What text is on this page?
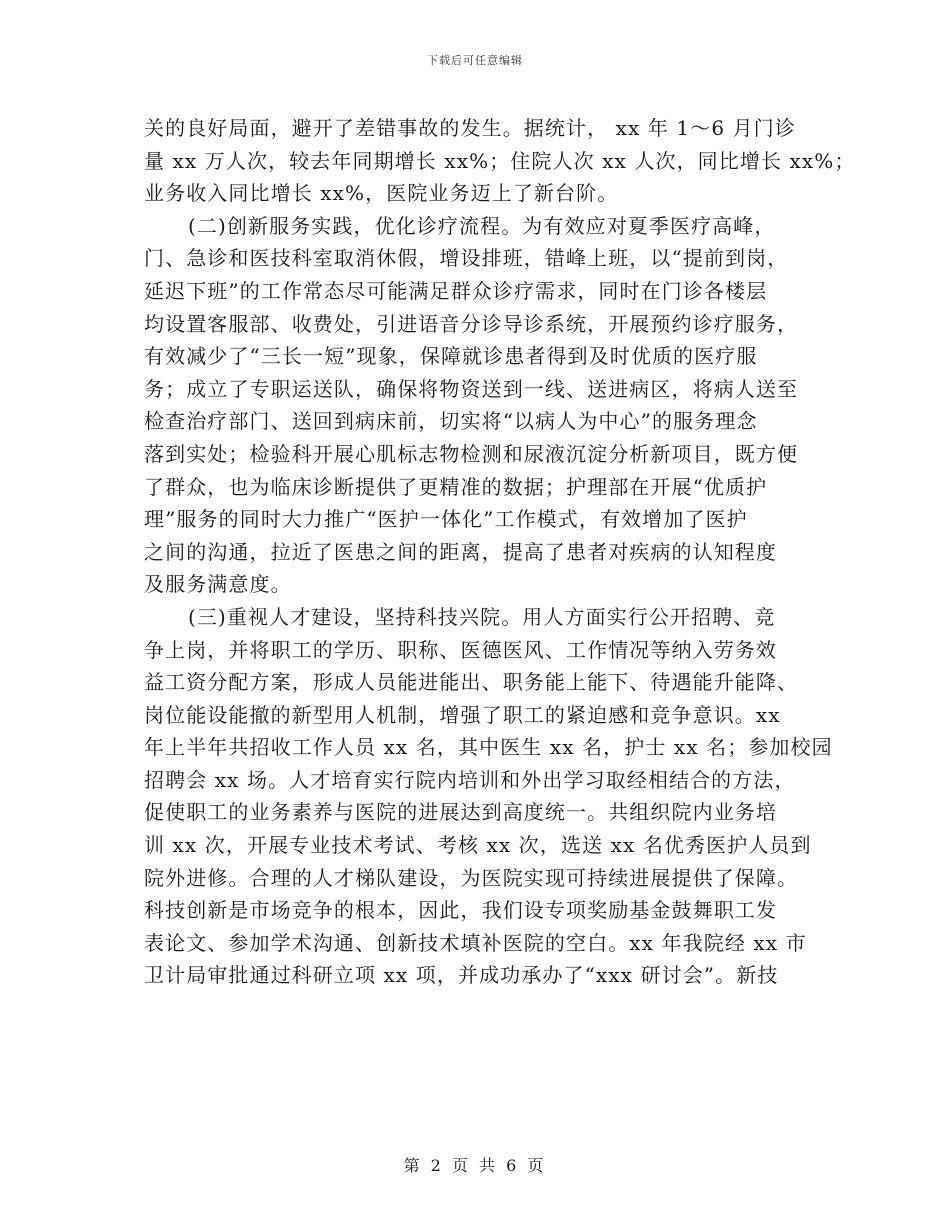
下载后可任意编辑
关的良好局面，避开了差错事故的发生。据统计， xx 年 1～6 月门诊
量 xx 万人次，较去年同期增长 xx%；住院人次 xx 人次，同比增长 xx%；
业务收入同比增长 xx%，医院业务迈上了新台阶。
(二)创新服务实践，优化诊疗流程。为有效应对夏季医疗高峰，
门、急诊和医技科室取消休假，增设排班，错峰上班，以“提前到岗，
延迟下班”的工作常态尽可能满足群众诊疗需求，同时在门诊各楼层
均设置客服部、收费处，引进语音分诊导诊系统，开展预约诊疗服务，
有效减少了“三长一短”现象，保障就诊患者得到及时优质的医疗服
务；成立了专职运送队，确保将物资送到一线、送进病区，将病人送至
检查治疗部门、送回到病床前，切实将“以病人为中心”的服务理念
落到实处；检验科开展心肌标志物检测和尿液沉淀分析新项目，既方便
了群众，也为临床诊断提供了更精准的数据；护理部在开展“优质护
理”服务的同时大力推广“医护一体化”工作模式，有效增加了医护
之间的沟通，拉近了医患之间的距离，提高了患者对疾病的认知程度
及服务满意度。
(三)重视人才建设，坚持科技兴院。用人方面实行公开招聘、竞
争上岗，并将职工的学历、职称、医德医风、工作情况等纳入劳务效
益工资分配方案，形成人员能进能出、职务能上能下、待遇能升能降、
岗位能设能撤的新型用人机制，增强了职工的紧迫感和竞争意识。xx
年上半年共招收工作人员 xx 名，其中医生 xx 名，护士 xx 名；参加校园
招聘会 xx 场。人才培育实行院内培训和外出学习取经相结合的方法，
促使职工的业务素养与医院的进展达到高度统一。共组织院内业务培
训 xx 次，开展专业技术考试、考核 xx 次，选送 xx 名优秀医护人员到
院外进修。合理的人才梯队建设，为医院实现可持续进展提供了保障。
科技创新是市场竞争的根本，因此，我们设专项奖励基金鼓舞职工发
表论文、参加学术沟通、创新技术填补医院的空白。xx 年我院经 xx 市
卫计局审批通过科研立项 xx 项，并成功承办了“xxx 研讨会”。新技
第 2 页 共 6 页
